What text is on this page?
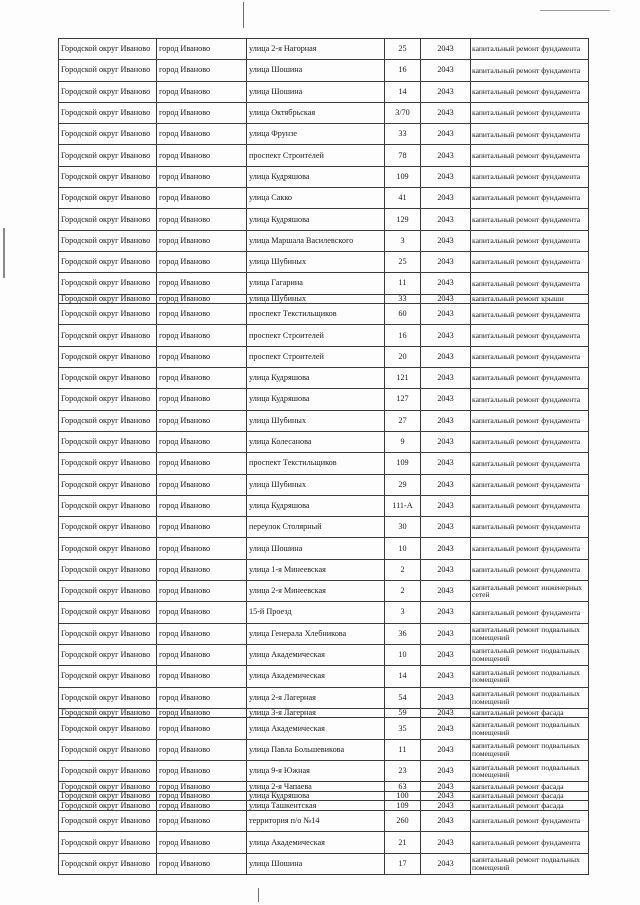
Городской округ Иваново	город Иваново	улица 2-я Нагорная	25	2043	капитальный ремонт фундамента
Городской округ Иваново	город Иваново	улица Шошина	16	2043	капитальный ремонт фундамента
Городской округ Иваново	город Иваново	улица Шошина	14	2043	капитальный ремонт фундамента
Городской округ Иваново	город Иваново	улица Октябрьская	3/70	2043	капитальный ремонт фундамента
Городской округ Иваново	город Иваново	улица Фрунзе	33	2043	капитальный ремонт фундамента
Городской округ Иваново	город Иваново	проспект Строителей	78	2043	капитальный ремонт фундамента
Городской округ Иваново	город Иваново	улица Кудряшова	109	2043	капитальный ремонт фундамента
Городской округ Иваново	город Иваново	улица Сакко	41	2043	капитальный ремонт фундамента
Городской округ Иваново	город Иваново	улица Кудряшова	129	2043	капитальный ремонт фундамента
Городской округ Иваново	город Иваново	улица Маршала Василевского	3	2043	капитальный ремонт фундамента
Городской округ Иваново	город Иваново	улица Шубиных	25	2043	капитальный ремонт фундамента
Городской округ Иваново	город Иваново	улица Гагарина	11	2043	капитальный ремонт фундамента
Городской округ Иваново	город Иваново	улица Шубиных	33	2043	капитальный ремонт крыши
Городской округ Иваново	город Иваново	проспект Текстильщиков	60	2043	капитальный ремонт фундамента
Городской округ Иваново	город Иваново	проспект Строителей	16	2043	капитальный ремонт фундамента
Городской округ Иваново	город Иваново	проспект Строителей	20	2043	капитальный ремонт фундамента
Городской округ Иваново	город Иваново	улица Кудряшова	121	2043	капитальный ремонт фундамента
Городской округ Иваново	город Иваново	улица Кудряшова	127	2043	капитальный ремонт фундамента
Городской округ Иваново	город Иваново	улица Шубиных	27	2043	капитальный ремонт фундамента
Городской округ Иваново	город Иваново	улица Колесанова	9	2043	капитальный ремонт фундамента
Городской округ Иваново	город Иваново	проспект Текстильщиков	109	2043	капитальный ремонт фундамента
Городской округ Иваново	город Иваново	улица Шубиных	29	2043	капитальный ремонт фундамента
Городской округ Иваново	город Иваново	улица Кудряшова	111-А	2043	капитальный ремонт фундамента
Городской округ Иваново	город Иваново	переулок Столярный	30	2043	капитальный ремонт фундамента
Городской округ Иваново	город Иваново	улица Шошина	10	2043	капитальный ремонт фундамента
Городской округ Иваново	город Иваново	улица 1-я Минеевская	2	2043	капитальный ремонт фундамента
Городской округ Иваново	город Иваново	улица 2-я Минеевская	2	2043	капитальный ремонт инженерных сетей
Городской округ Иваново	город Иваново	15-й Проезд	3	2043	капитальный ремонт фундамента
Городской округ Иваново	город Иваново	улица Генерала Хлебникова	36	2043	капитальный ремонт подвальных помещений
Городской округ Иваново	город Иваново	улица Академическая	10	2043	капитальный ремонт подвальных помещений
Городской округ Иваново	город Иваново	улица Академическая	14	2043	капитальный ремонт подвальных помещений
Городской округ Иваново	город Иваново	улица 2-я Лагерная	54	2043	капитальный ремонт подвальных помещений
Городской округ Иваново	город Иваново	улица 3-я Лагерная	59	2043	капитальный ремонт фасада
Городской округ Иваново	город Иваново	улица Академическая	35	2043	капитальный ремонт подвальных помещений
Городской округ Иваново	город Иваново	улица Павла Большевикова	11	2043	капитальный ремонт подвальных помещений
Городской округ Иваново	город Иваново	улица 9-я Южная	23	2043	капитальный ремонт подвальных помещений
Городской округ Иваново	город Иваново	улица 2-я Чапаева	63	2043	капитальный ремонт фасада
Городской округ Иваново	город Иваново	улица Кудряшова	100	2043	капитальный ремонт фасада
Городской округ Иваново	город Иваново	улица Ташкентская	109	2043	капитальный ремонт фасада
Городской округ Иваново	город Иваново	территория п/о №14	260	2043	капитальный ремонт фундамента
Городской округ Иваново	город Иваново	улица Академическая	21	2043	капитальный ремонт фундамента
Городской округ Иваново	город Иваново	улица Шошина	17	2043	капитальный ремонт подвальных помещений
